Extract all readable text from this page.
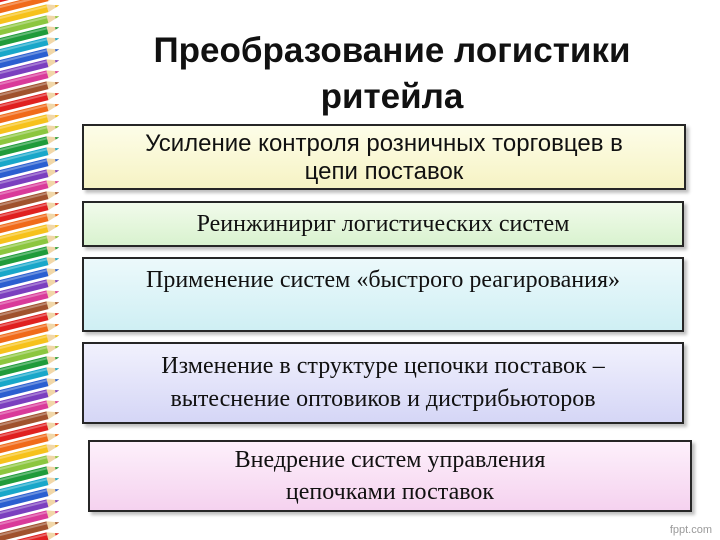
Преобразование логистики
ритейла
Усиление контроля розничных торговцев в
цепи поставок
Реинжинириг логистических систем
Применение систем «быстрого реагирования»
Изменение в структуре цепочки поставок –
вытеснение оптовиков и дистрибьюторов
Внедрение систем управления
цепочками поставок
fppt.com
